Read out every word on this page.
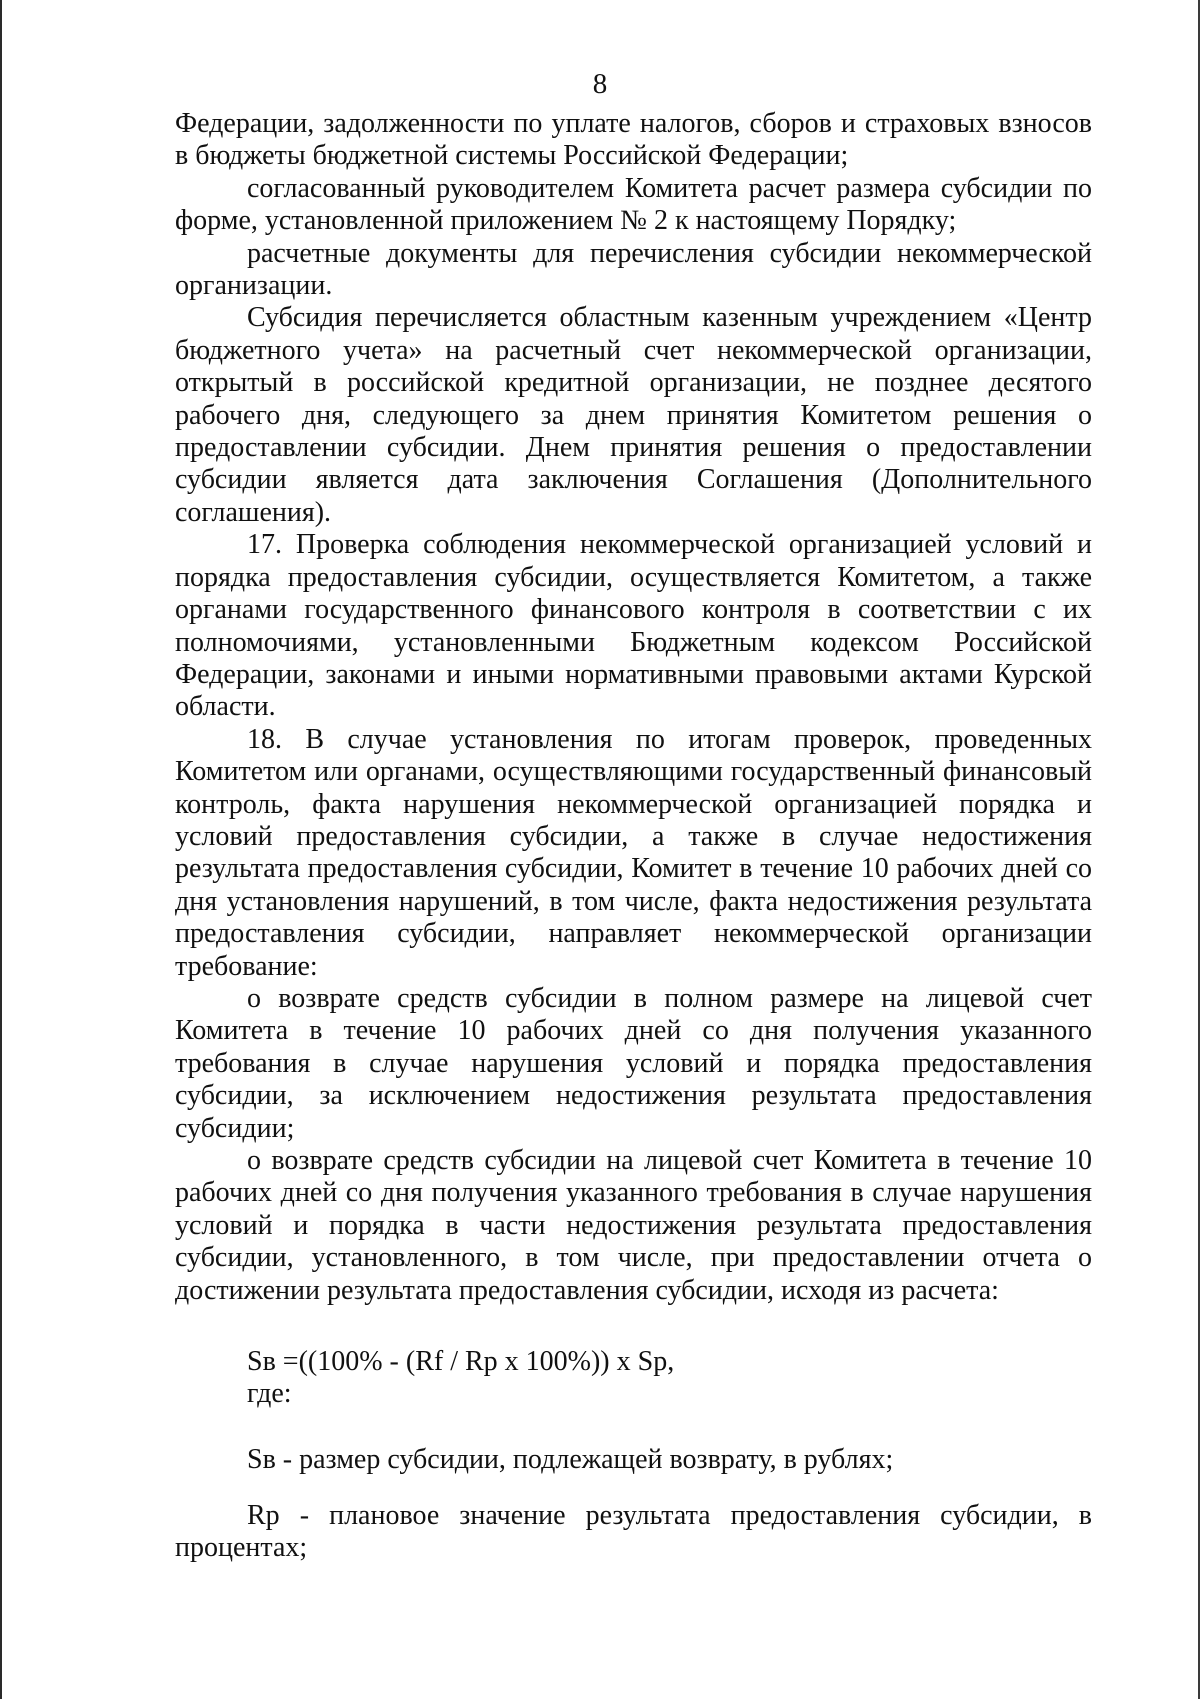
8

Федерации, задолженности по уплате налогов, сборов и страховых взносов в бюджеты бюджетной системы Российской Федерации;

согласованный руководителем Комитета расчет размера субсидии по форме, установленной приложением № 2 к настоящему Порядку;

расчетные документы для перечисления субсидии некоммерческой организации.

Субсидия перечисляется областным казенным учреждением «Центр бюджетного учета» на расчетный счет некоммерческой организации, открытый в российской кредитной организации, не позднее десятого рабочего дня, следующего за днем принятия Комитетом решения о предоставлении субсидии. Днем принятия решения о предоставлении субсидии является дата заключения Соглашения (Дополнительного соглашения).

17. Проверка соблюдения некоммерческой организацией условий и порядка предоставления субсидии, осуществляется Комитетом, а также органами государственного финансового контроля в соответствии с их полномочиями, установленными Бюджетным кодексом Российской Федерации, законами и иными нормативными правовыми актами Курской области.

18. В случае установления по итогам проверок, проведенных Комитетом или органами, осуществляющими государственный финансовый контроль, факта нарушения некоммерческой организацией порядка и условий предоставления субсидии, а также в случае недостижения результата предоставления субсидии, Комитет в течение 10 рабочих дней со дня установления нарушений, в том числе, факта недостижения результата предоставления субсидии, направляет некоммерческой организации требование:

о возврате средств субсидии в полном размере на лицевой счет Комитета в течение 10 рабочих дней со дня получения указанного требования в случае нарушения условий и порядка предоставления субсидии, за исключением недостижения результата предоставления субсидии;

о возврате средств субсидии на лицевой счет Комитета в течение 10 рабочих дней со дня получения указанного требования в случае нарушения условий и порядка в части недостижения результата предоставления субсидии, установленного, в том числе, при предоставлении отчета о достижении результата предоставления субсидии, исходя из расчета:

Sв =((100% - (Rf / Rp x 100%)) x Sp,
где:
Sв - размер субсидии, подлежащей возврату, в рублях;

Rp - плановое значение результата предоставления субсидии, в процентах;
